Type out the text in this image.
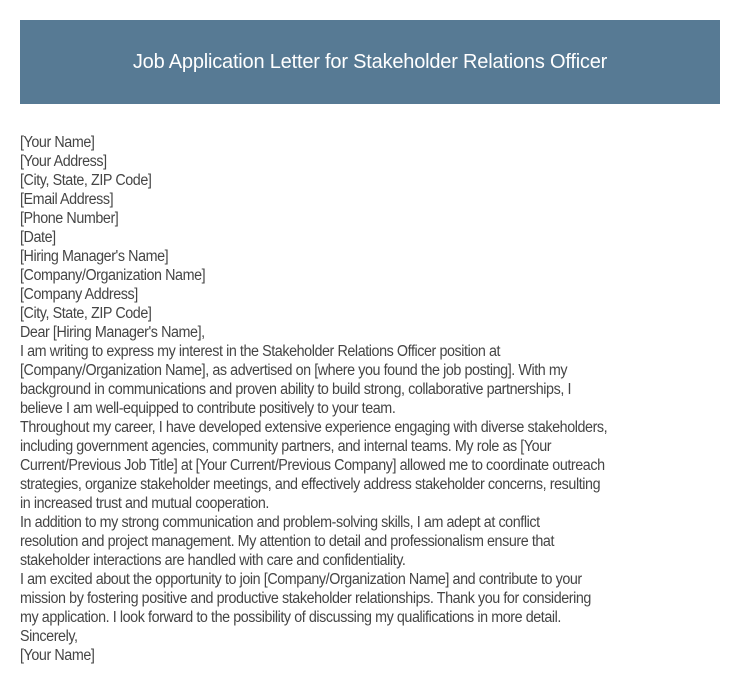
Job Application Letter for Stakeholder Relations Officer
[Your Name]
[Your Address]
[City, State, ZIP Code]
[Email Address]
[Phone Number]
[Date]
[Hiring Manager's Name]
[Company/Organization Name]
[Company Address]
[City, State, ZIP Code]
Dear [Hiring Manager's Name],
I am writing to express my interest in the Stakeholder Relations Officer position at
[Company/Organization Name], as advertised on [where you found the job posting]. With my
background in communications and proven ability to build strong, collaborative partnerships, I
believe I am well-equipped to contribute positively to your team.
Throughout my career, I have developed extensive experience engaging with diverse stakeholders,
including government agencies, community partners, and internal teams. My role as [Your
Current/Previous Job Title] at [Your Current/Previous Company] allowed me to coordinate outreach
strategies, organize stakeholder meetings, and effectively address stakeholder concerns, resulting
in increased trust and mutual cooperation.
In addition to my strong communication and problem-solving skills, I am adept at conflict
resolution and project management. My attention to detail and professionalism ensure that
stakeholder interactions are handled with care and confidentiality.
I am excited about the opportunity to join [Company/Organization Name] and contribute to your
mission by fostering positive and productive stakeholder relationships. Thank you for considering
my application. I look forward to the possibility of discussing my qualifications in more detail.
Sincerely,
[Your Name]
